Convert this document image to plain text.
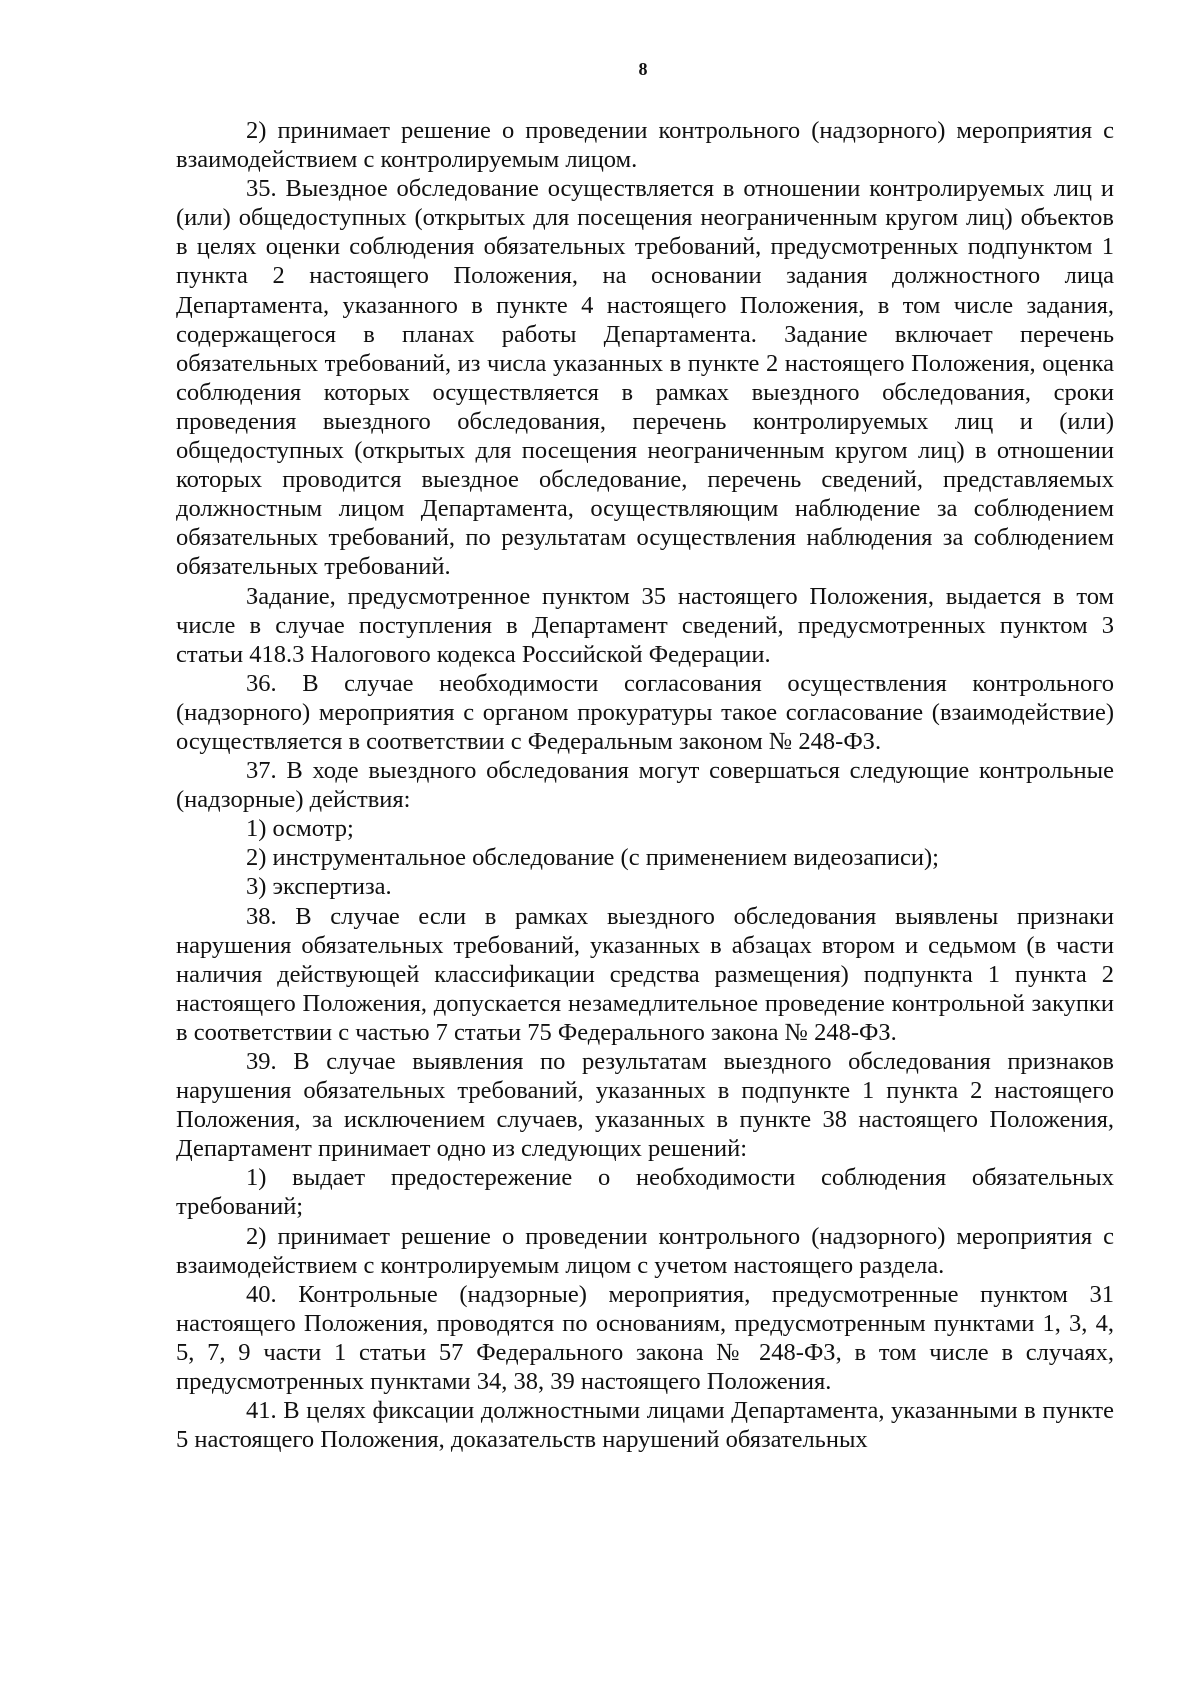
8

2) принимает решение о проведении контрольного (надзорного) мероприятия с взаимодействием с контролируемым лицом.

35. Выездное обследование осуществляется в отношении контролируемых лиц и (или) общедоступных (открытых для посещения неограниченным кругом лиц) объектов в целях оценки соблюдения обязательных требований, предусмотренных подпунктом 1 пункта 2 настоящего Положения, на основании задания должностного лица Департамента, указанного в пункте 4 настоящего Положения, в том числе задания, содержащегося в планах работы Департамента. Задание включает перечень обязательных требований, из числа указанных в пункте 2 настоящего Положения, оценка соблюдения которых осуществляется в рамках выездного обследования, сроки проведения выездного обследования, перечень контролируемых лиц и (или) общедоступных (открытых для посещения неограниченным кругом лиц) в отношении которых проводится выездное обследование, перечень сведений, представляемых должностным лицом Департамента, осуществляющим наблюдение за соблюдением обязательных требований, по результатам осуществления наблюдения за соблюдением обязательных требований.

Задание, предусмотренное пунктом 35 настоящего Положения, выдается в том числе в случае поступления в Департамент сведений, предусмотренных пунктом 3 статьи 418.3 Налогового кодекса Российской Федерации.

36. В случае необходимости согласования осуществления контрольного (надзорного) мероприятия с органом прокуратуры такое согласование (взаимодействие) осуществляется в соответствии с Федеральным законом № 248-ФЗ.

37. В ходе выездного обследования могут совершаться следующие контрольные (надзорные) действия:

1) осмотр;

2) инструментальное обследование (с применением видеозаписи);

3) экспертиза.

38. В случае если в рамках выездного обследования выявлены признаки нарушения обязательных требований, указанных в абзацах втором и седьмом (в части наличия действующей классификации средства размещения) подпункта 1 пункта 2 настоящего Положения, допускается незамедлительное проведение контрольной закупки в соответствии с частью 7 статьи 75 Федерального закона № 248-ФЗ.

39. В случае выявления по результатам выездного обследования признаков нарушения обязательных требований, указанных в подпункте 1 пункта 2 настоящего Положения, за исключением случаев, указанных в пункте 38 настоящего Положения, Департамент принимает одно из следующих решений:

1) выдает предостережение о необходимости соблюдения обязательных требований;

2) принимает решение о проведении контрольного (надзорного) мероприятия с взаимодействием с контролируемым лицом с учетом настоящего раздела.

40. Контрольные (надзорные) мероприятия, предусмотренные пунктом 31 настоящего Положения, проводятся по основаниям, предусмотренным пунктами 1, 3, 4, 5, 7, 9 части 1 статьи 57 Федерального закона № 248-ФЗ, в том числе в случаях, предусмотренных пунктами 34, 38, 39 настоящего Положения.

41. В целях фиксации должностными лицами Департамента, указанными в пункте 5 настоящего Положения, доказательств нарушений обязательных
